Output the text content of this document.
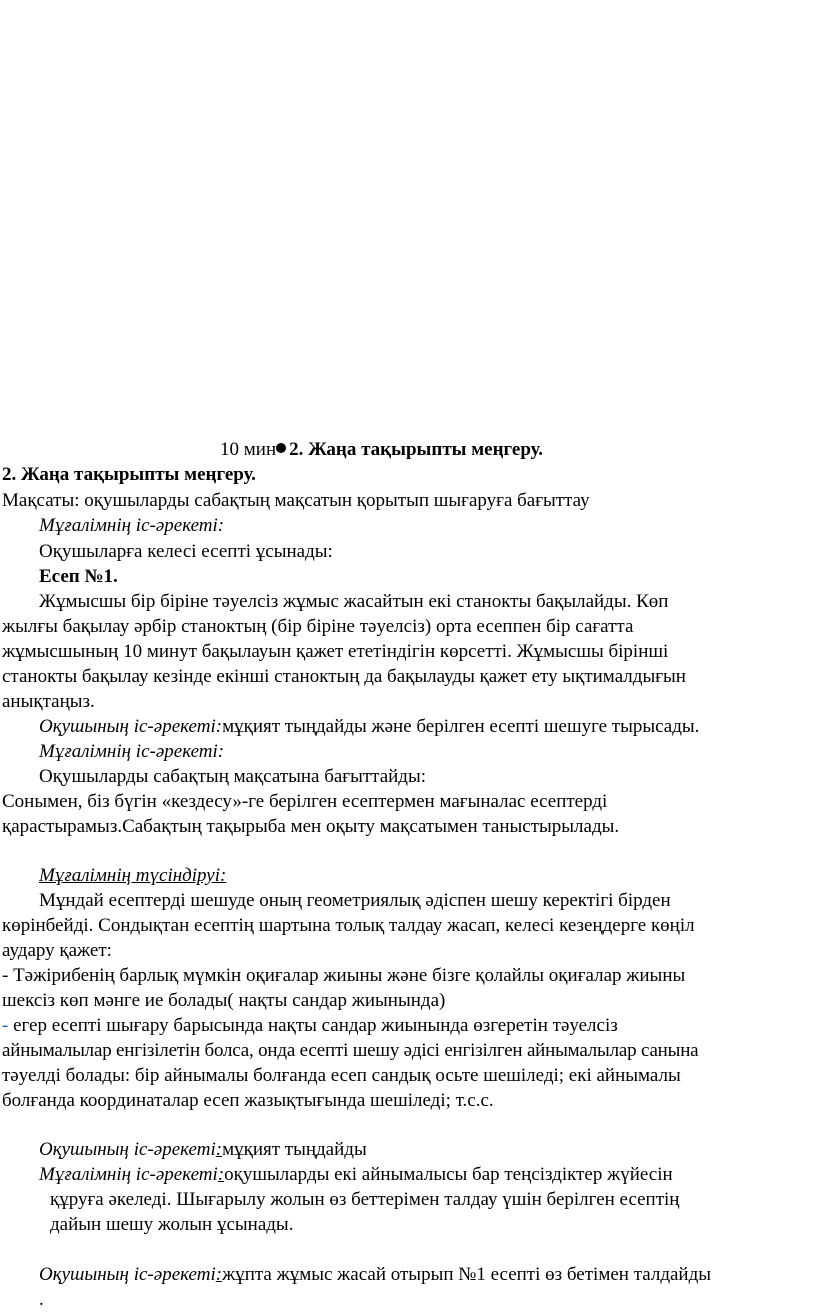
10 мин 2. Жаңа тақырыпты меңгеру.
2. Жаңа тақырыпты меңгеру.
Мақсаты: оқушыларды сабақтың мақсатын қорытып шығаруға бағыттау
Мұғалімнің іс-әрекеті:
Оқушыларға келесі есепті ұсынады:
Есеп №1.
Жұмысшы бір біріне тәуелсіз жұмыс жасайтын екі станокты бақылайды. Көп
жылғы бақылау әрбір станоктың (бір біріне тәуелсіз) орта есеппен бір сағатта
жұмысшының 10 минут бақылауын қажет ететіндігін көрсетті. Жұмысшы бірінші
станокты бақылау кезінде екінші станоктың да бақылауды қажет ету ықтималдығын
анықтаңыз.
Оқушының іс-әрекеті:мұқият тыңдайды және берілген есепті шешуге тырысады.
Мұғалімнің іс-әрекеті:
Оқушыларды сабақтың мақсатына бағыттайды:
Сонымен, біз бүгін «кездесу»-ге берілген есептермен мағыналас есептерді
қарастырамыз.Сабақтың тақырыба мен оқыту мақсатымен таныстырылады.
Мұғалімнің түсіндіруі:
Мұндай есептерді шешуде оның геометриялық әдіспен шешу керектігі бірден
көрінбейді. Сондықтан есептің шартына толық талдау жасап, келесі кезеңдерге көңіл
аудару қажет:
- Тәжірибенің барлық мүмкін оқиғалар жиыны және бізге қолайлы оқиғалар жиыны
шексіз көп мәнге ие болады( нақты сандар жиынында)
- егер есепті шығару барысында нақты сандар жиынында өзгеретін тәуелсіз
айнымалылар енгізілетін болса, онда есепті шешу әдісі енгізілген айнымалылар санына
тәуелді болады: бір айнымалы болғанда есеп сандық осьте шешіледі; екі айнымалы
болғанда координаталар есеп жазықтығында шешіледі; т.с.с.
Оқушының іс-әрекеті:мұқият тыңдайды
Мұғалімнің іс-әрекеті:оқушыларды екі айнымалысы бар теңсіздіктер жүйесін
құруға әкеледі. Шығарылу жолын өз беттерімен талдау үшін берілген есептің
дайын шешу жолын ұсынады.
Оқушының іс-әрекеті:жұпта жұмыс жасай отырып №1 есепті өз бетімен талдайды
.
